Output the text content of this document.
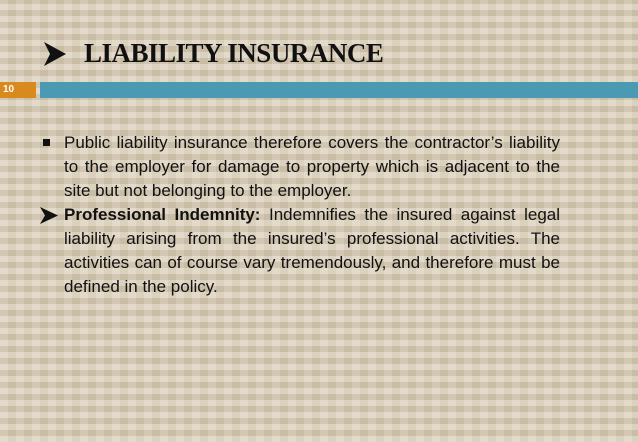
LIABILITY INSURANCE
10
Public liability insurance therefore covers the contractor’s liability to the employer for damage to property which is adjacent to the site but not belonging to the employer.
Professional Indemnity: Indemnifies the insured against legal liability arising from the insured’s professional activities. The activities can of course vary tremendously, and therefore must be defined in the policy.
